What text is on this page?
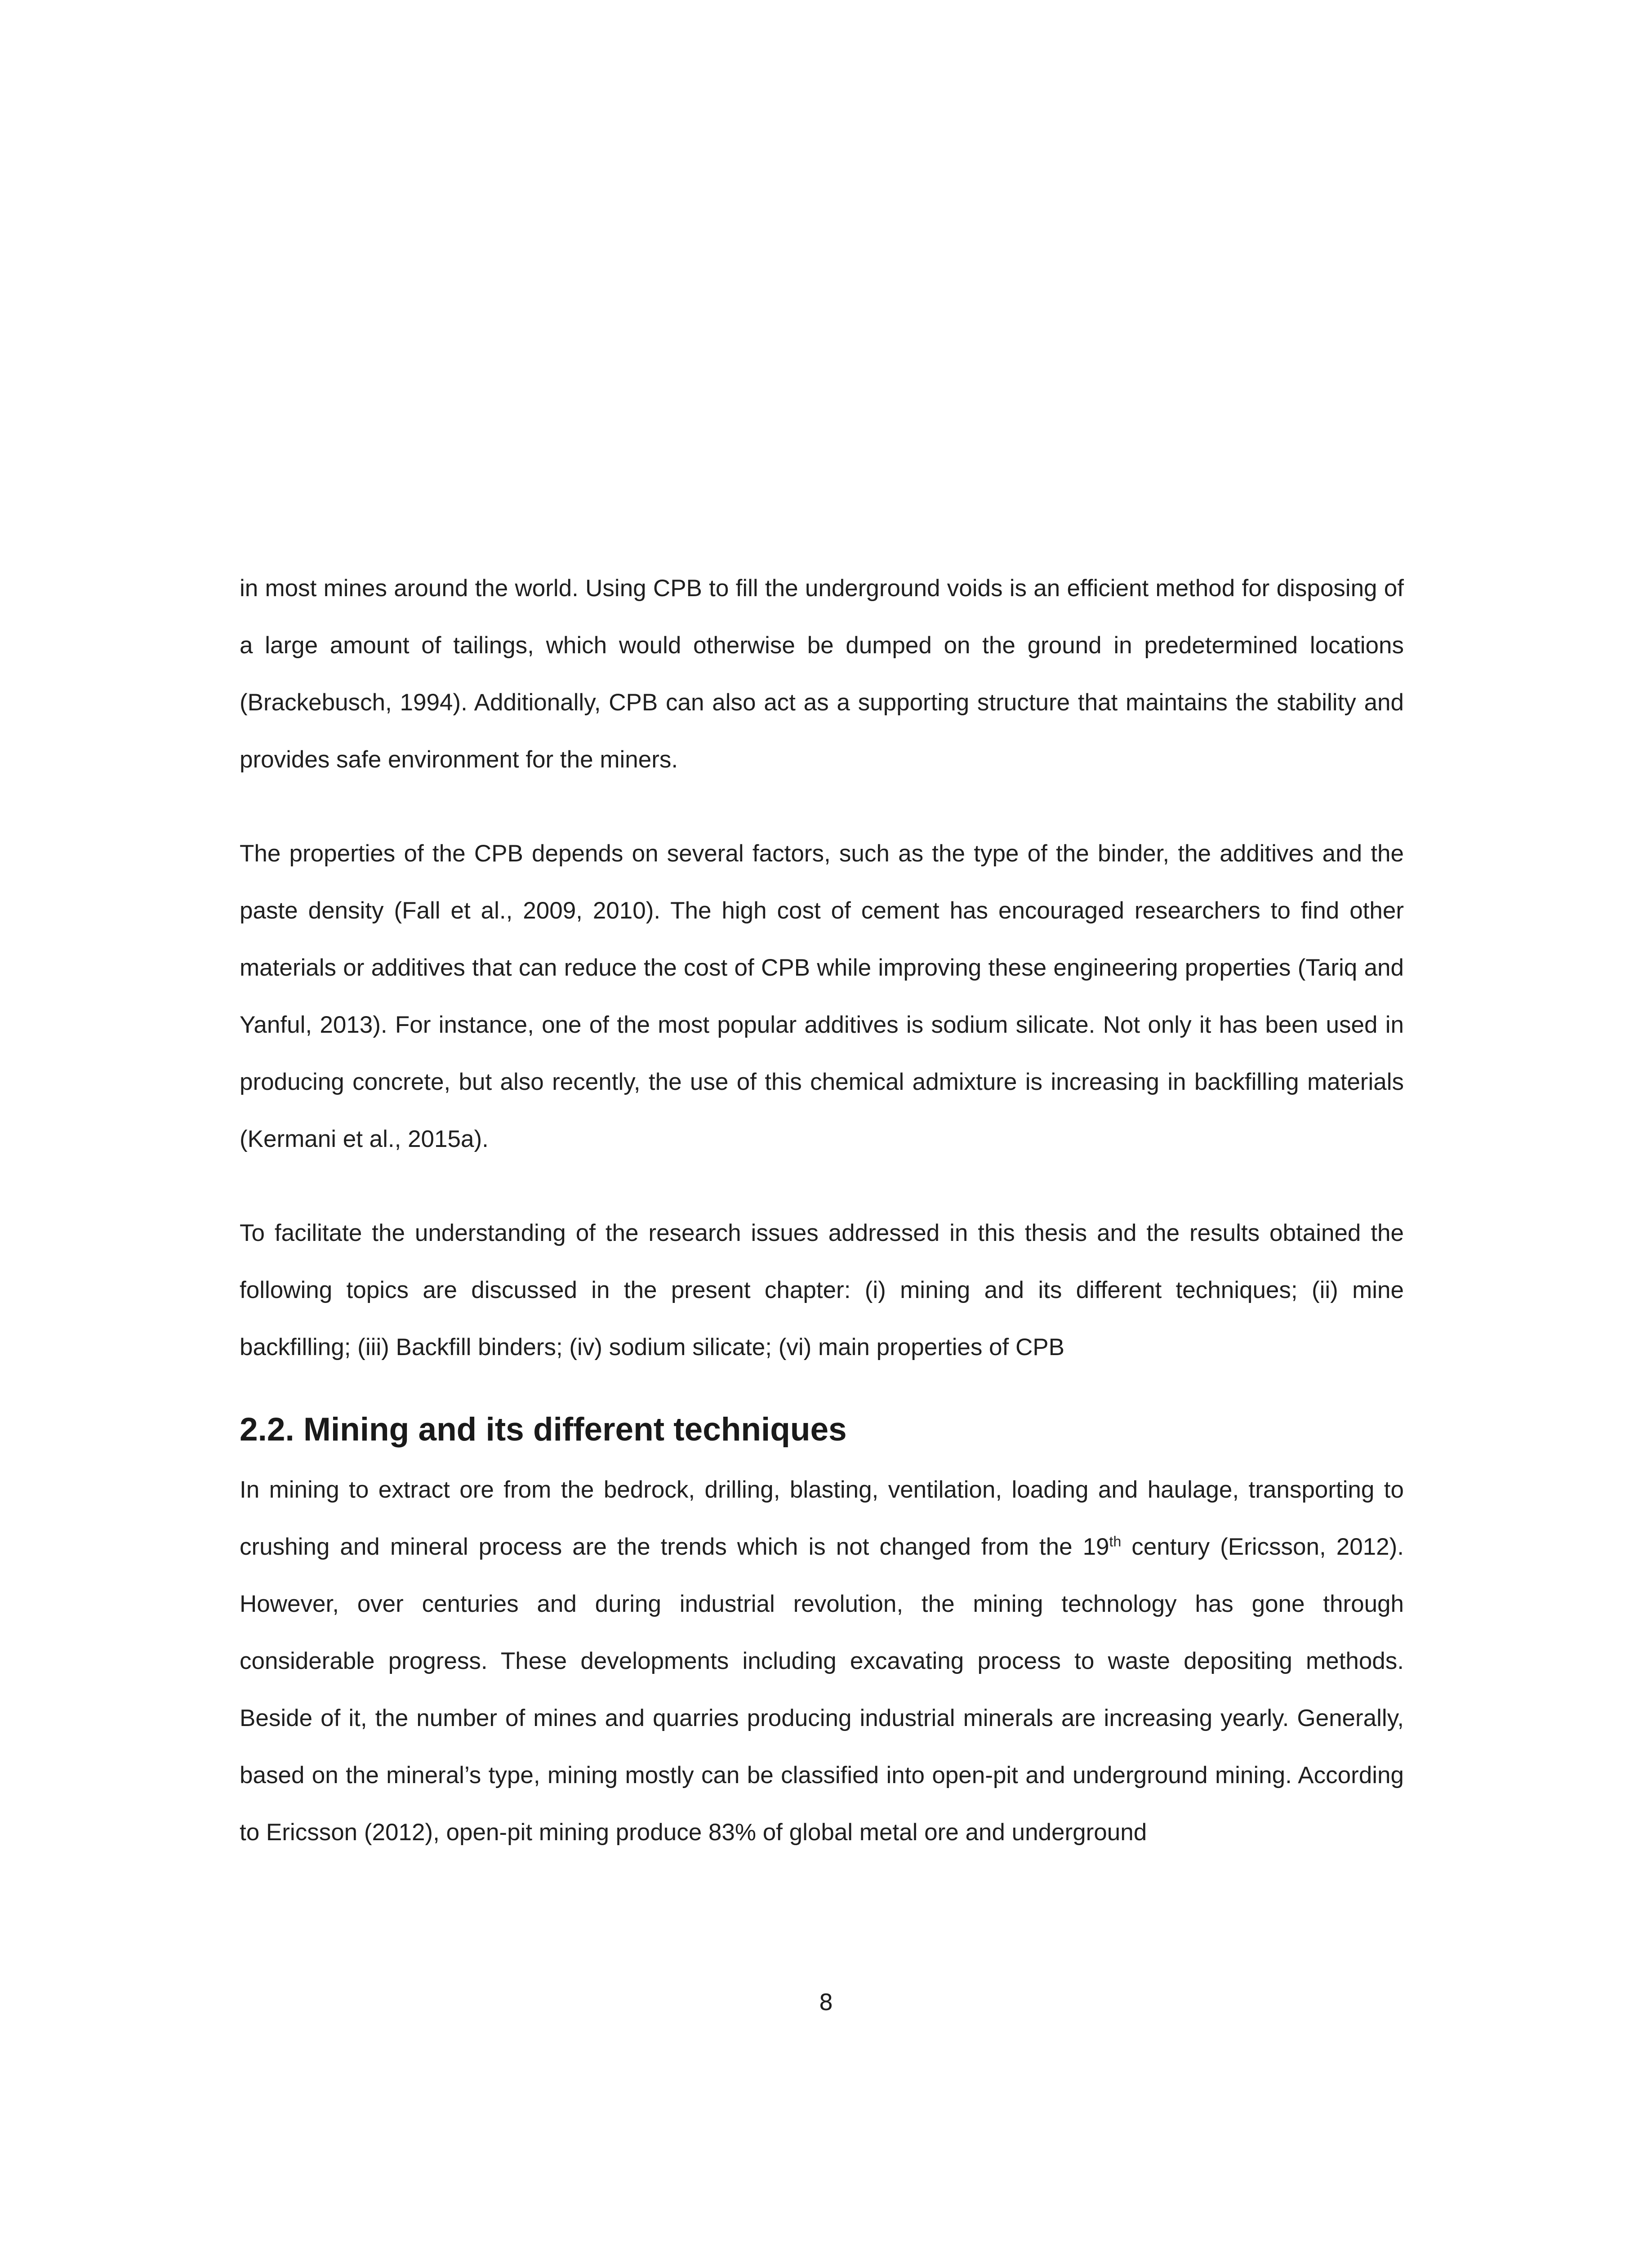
in most mines around the world. Using CPB to fill the underground voids is an efficient method for disposing of a large amount of tailings, which would otherwise be dumped on the ground in predetermined locations (Brackebusch, 1994). Additionally, CPB can also act as a supporting structure that maintains the stability and provides safe environment for the miners.

The properties of the CPB depends on several factors, such as the type of the binder, the additives and the paste density (Fall et al., 2009, 2010). The high cost of cement has encouraged researchers to find other materials or additives that can reduce the cost of CPB while improving these engineering properties (Tariq and Yanful, 2013). For instance, one of the most popular additives is sodium silicate. Not only it has been used in producing concrete, but also recently, the use of this chemical admixture is increasing in backfilling materials (Kermani et al., 2015a).

To facilitate the understanding of the research issues addressed in this thesis and the results obtained the following topics are discussed in the present chapter: (i) mining and its different techniques; (ii) mine backfilling; (iii) Backfill binders; (iv) sodium silicate; (vi) main properties of CPB

2.2. Mining and its different techniques

In mining to extract ore from the bedrock, drilling, blasting, ventilation, loading and haulage, transporting to crushing and mineral process are the trends which is not changed from the 19th century (Ericsson, 2012). However, over centuries and during industrial revolution, the mining technology has gone through considerable progress. These developments including excavating process to waste depositing methods. Beside of it, the number of mines and quarries producing industrial minerals are increasing yearly. Generally, based on the mineral’s type, mining mostly can be classified into open-pit and underground mining. According to Ericsson (2012), open-pit mining produce 83% of global metal ore and underground

8
